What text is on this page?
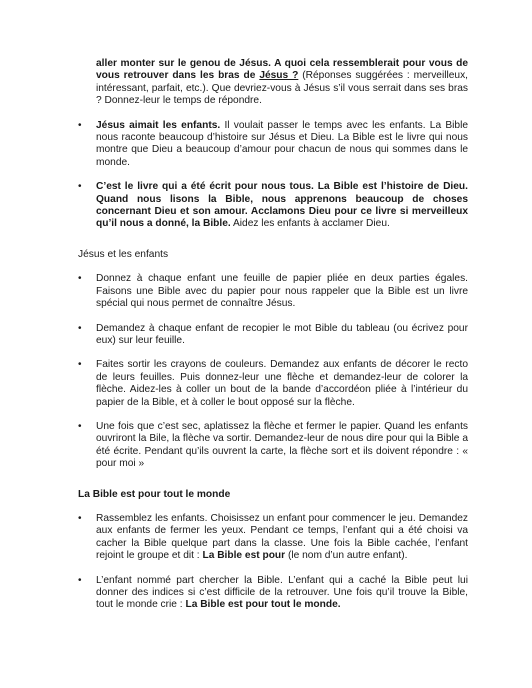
aller monter sur le genou de Jésus. A quoi cela ressemblerait pour vous de vous retrouver dans les bras de Jésus ? (Réponses suggérées : merveilleux, intéressant, parfait, etc.). Que devriez-vous à Jésus s’il vous serrait dans ses bras ? Donnez-leur le temps de répondre.

• Jésus aimait les enfants. Il voulait passer le temps avec les enfants. La Bible nous raconte beaucoup d’histoire sur Jésus et Dieu. La Bible est le livre qui nous montre que Dieu a beaucoup d’amour pour chacun de nous qui sommes dans le monde.
• C’est le livre qui a été écrit pour nous tous. La Bible est l’histoire de Dieu. Quand nous lisons la Bible, nous apprenons beaucoup de choses concernant Dieu et son amour. Acclamons Dieu pour ce livre si merveilleux qu’il nous a donné, la Bible. Aidez les enfants à acclamer Dieu.
Jésus et les enfants
• Donnez à chaque enfant une feuille de papier pliée en deux parties égales. Faisons une Bible avec du papier pour nous rappeler que la Bible est un livre spécial qui nous permet de connaître Jésus.
• Demandez à chaque enfant de recopier le mot Bible du tableau (ou écrivez pour eux) sur leur feuille.
• Faites sortir les crayons de couleurs. Demandez aux enfants de décorer le recto de leurs feuilles. Puis donnez-leur une flèche et demandez-leur de colorer la flèche. Aidez-les à coller un bout de la bande d’accordéon pliée à l’intérieur du papier de la Bible, et à coller le bout opposé sur la flèche.
• Une fois que c’est sec, aplatissez la flèche et fermer le papier. Quand les enfants ouvriront la Bile, la flèche va sortir. Demandez-leur de nous dire pour qui la Bible a été écrite. Pendant qu’ils ouvrent la carte, la flèche sort et ils doivent répondre : « pour moi »
La Bible est pour tout le monde
• Rassemblez les enfants. Choisissez un enfant pour commencer le jeu. Demandez aux enfants de fermer les yeux. Pendant ce temps, l’enfant qui a été choisi va cacher la Bible quelque part dans la classe. Une fois la Bible cachée, l’enfant rejoint le groupe et dit : La Bible est pour (le nom d’un autre enfant).
• L’enfant nommé part chercher la Bible. L’enfant qui a caché la Bible peut lui donner des indices si c’est difficile de la retrouver. Une fois qu’il trouve la Bible, tout le monde crie : La Bible est pour tout le monde.
